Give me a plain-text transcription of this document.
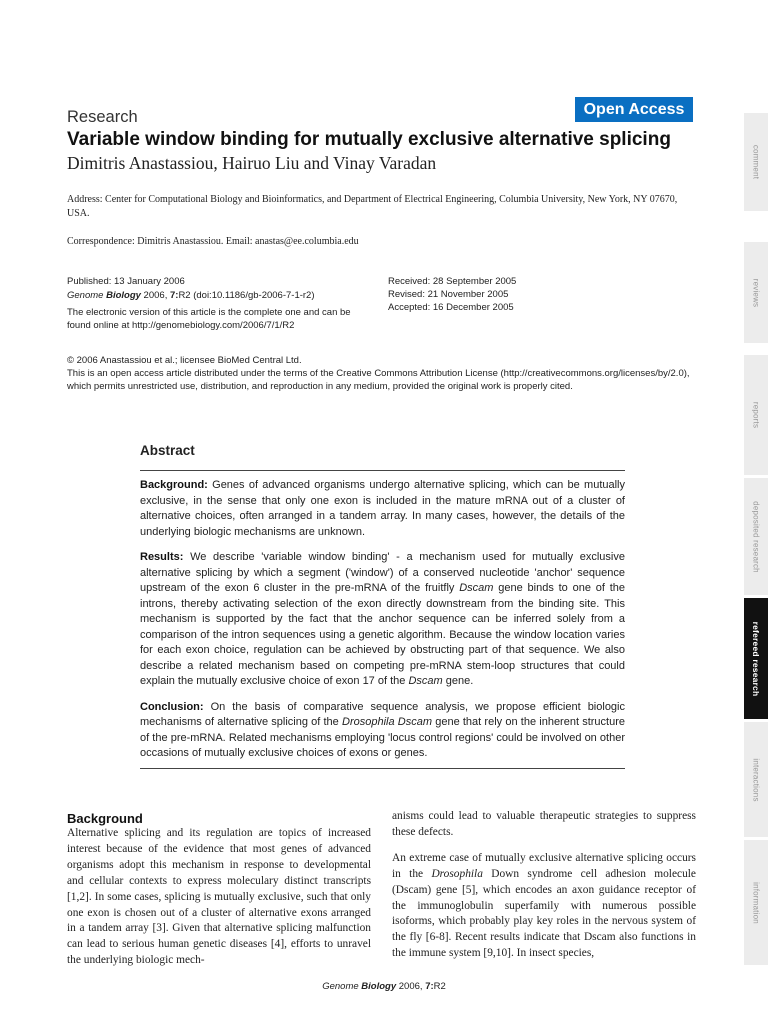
Research	Open Access
Variable window binding for mutually exclusive alternative splicing
Dimitris Anastassiou, Hairuo Liu and Vinay Varadan
Address: Center for Computational Biology and Bioinformatics, and Department of Electrical Engineering, Columbia University, New York, NY 07670, USA.
Correspondence: Dimitris Anastassiou. Email: anastas@ee.columbia.edu
Published: 13 January 2006
Genome Biology 2006, 7:R2 (doi:10.1186/gb-2006-7-1-r2)
The electronic version of this article is the complete one and can be found online at http://genomebiology.com/2006/7/1/R2
Received: 28 September 2005
Revised: 21 November 2005
Accepted: 16 December 2005
© 2006 Anastassiou et al.; licensee BioMed Central Ltd.
This is an open access article distributed under the terms of the Creative Commons Attribution License (http://creativecommons.org/licenses/by/2.0), which permits unrestricted use, distribution, and reproduction in any medium, provided the original work is properly cited.
Abstract

Background: Genes of advanced organisms undergo alternative splicing, which can be mutually exclusive, in the sense that only one exon is included in the mature mRNA out of a cluster of alternative choices, often arranged in a tandem array. In many cases, however, the details of the underlying biologic mechanisms are unknown.

Results: We describe 'variable window binding' - a mechanism used for mutually exclusive alternative splicing by which a segment ('window') of a conserved nucleotide 'anchor' sequence upstream of the exon 6 cluster in the pre-mRNA of the fruitfly Dscam gene binds to one of the introns, thereby activating selection of the exon directly downstream from the binding site. This mechanism is supported by the fact that the anchor sequence can be inferred solely from a comparison of the intron sequences using a genetic algorithm. Because the window location varies for each exon choice, regulation can be achieved by obstructing part of that sequence. We also describe a related mechanism based on competing pre-mRNA stem-loop structures that could explain the mutually exclusive choice of exon 17 of the Dscam gene.

Conclusion: On the basis of comparative sequence analysis, we propose efficient biologic mechanisms of alternative splicing of the Drosophila Dscam gene that rely on the inherent structure of the pre-mRNA. Related mechanisms employing 'locus control regions' could be involved on other occasions of mutually exclusive choices of exons or genes.

Background

Alternative splicing and its regulation are topics of increased interest because of the evidence that most genes of advanced organisms adopt this mechanism in response to developmental and cellular contexts to express moleculary distinct transcripts [1,2]. In some cases, splicing is mutually exclusive, such that only one exon is chosen out of a cluster of alternative exons arranged in a tandem array [3]. Given that alternative splicing malfunction can lead to serious human genetic diseases [4], efforts to unravel the underlying biologic mech-

anisms could lead to valuable therapeutic strategies to suppress these defects.

An extreme case of mutually exclusive alternative splicing occurs in the Drosophila Down syndrome cell adhesion molecule (Dscam) gene [5], which encodes an axon guidance receptor of the immunoglobulin superfamily with numerous possible isoforms, which probably play key roles in the nervous system of the fly [6-8]. Recent results indicate that Dscam also functions in the immune system [9,10]. In insect species,

Genome Biology 2006, 7:R2
comment
reviews
reports
deposited research
refereed research
interactions
information
